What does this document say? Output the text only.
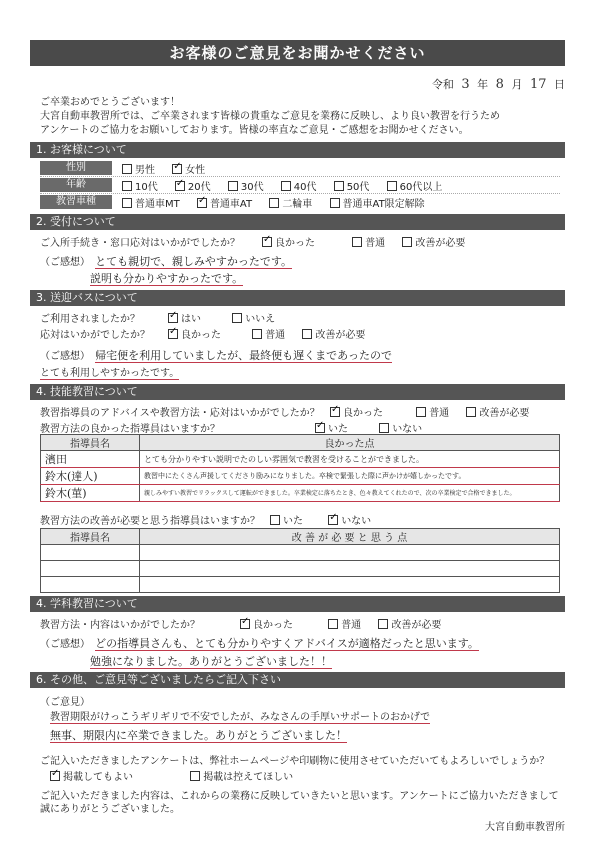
お客様のご意見をお聞かせください
令和 3 年 8 月 17 日
ご卒業おめでとうございます！
大宮自動車教習所では、ご卒業されます皆様の貴重なご意見を業務に反映し、より良い教習を行うため
アンケートのご協力をお願いしております。皆様の率直なご意見・ご感想をお聞かせください。
1. お客様について
性別	男性 ✓	女性
年齢	10代 ✓	20代	30代	40代	50代	60代以上
教習車種	普通車MT ✓	普通車AT	二輪車	普通車AT限定解除
2. 受付について
ご入所手続き・窓口応対はいかがでしたか？ ✓	良かった	普通	改善が必要
（ご感想） とても親切で、親しみやすかったです。
説明も分かりやすかったです。
3. 送迎バスについて
ご利用されましたか？ ✓	はい	いいえ
応対はいかがでしたか？ ✓	良かった	普通	改善が必要
（ご感想） 帰宅便を利用していましたが、最終便も遅くまであったので
とても利用しやすかったです。
4. 技能教習について
教習指導員のアドバイスや教習方法・応対はいかがでしたか？ ✓	良かった	普通	改善が必要
教習方法の良かった指導員はいますか？ ✓	いた	いない
指導員名	良かった点
濱田	とても分かりやすい説明でたのしい雰囲気で教習を受けることができました。
鈴木(達人)	教習中にたくさん声援してくださり励みになりました。卒検で緊張した際に声かけが嬉しかったです。
鈴木(菫)	親しみやすい教習でリラックスして運転ができました。卒業検定に落ちたとき、色々教えてくれたので、次の卒業検定で合格できました。
教習方法の改善が必要と思う指導員はいますか？	いた ✓	いない
指導員名	改 善 が 必 要 と 思 う 点

4. 学科教習について
教習方法・内容はいかがでしたか？ ✓	良かった	普通	改善が必要
（ご感想） どの指導員さんも、とても分かりやすくアドバイスが適格だったと思います。
勉強になりました。ありがとうございました！！
6. その他、ご意見等ございましたらご記入下さい
（ご意見）
教習期限がけっこうギリギリで不安でしたが、みなさんの手厚いサポートのおかげで
無事、期限内に卒業できました。ありがとうございました！
ご記入いただきましたアンケートは、弊社ホームページや印刷物に使用させていただいてもよろしいでしょうか？
✓掲載してもよい	掲載は控えてほしい
ご記入いただきました内容は、これからの業務に反映していきたいと思います。アンケートにご協力いただきまして
誠にありがとうございました。
大宮自動車教習所
